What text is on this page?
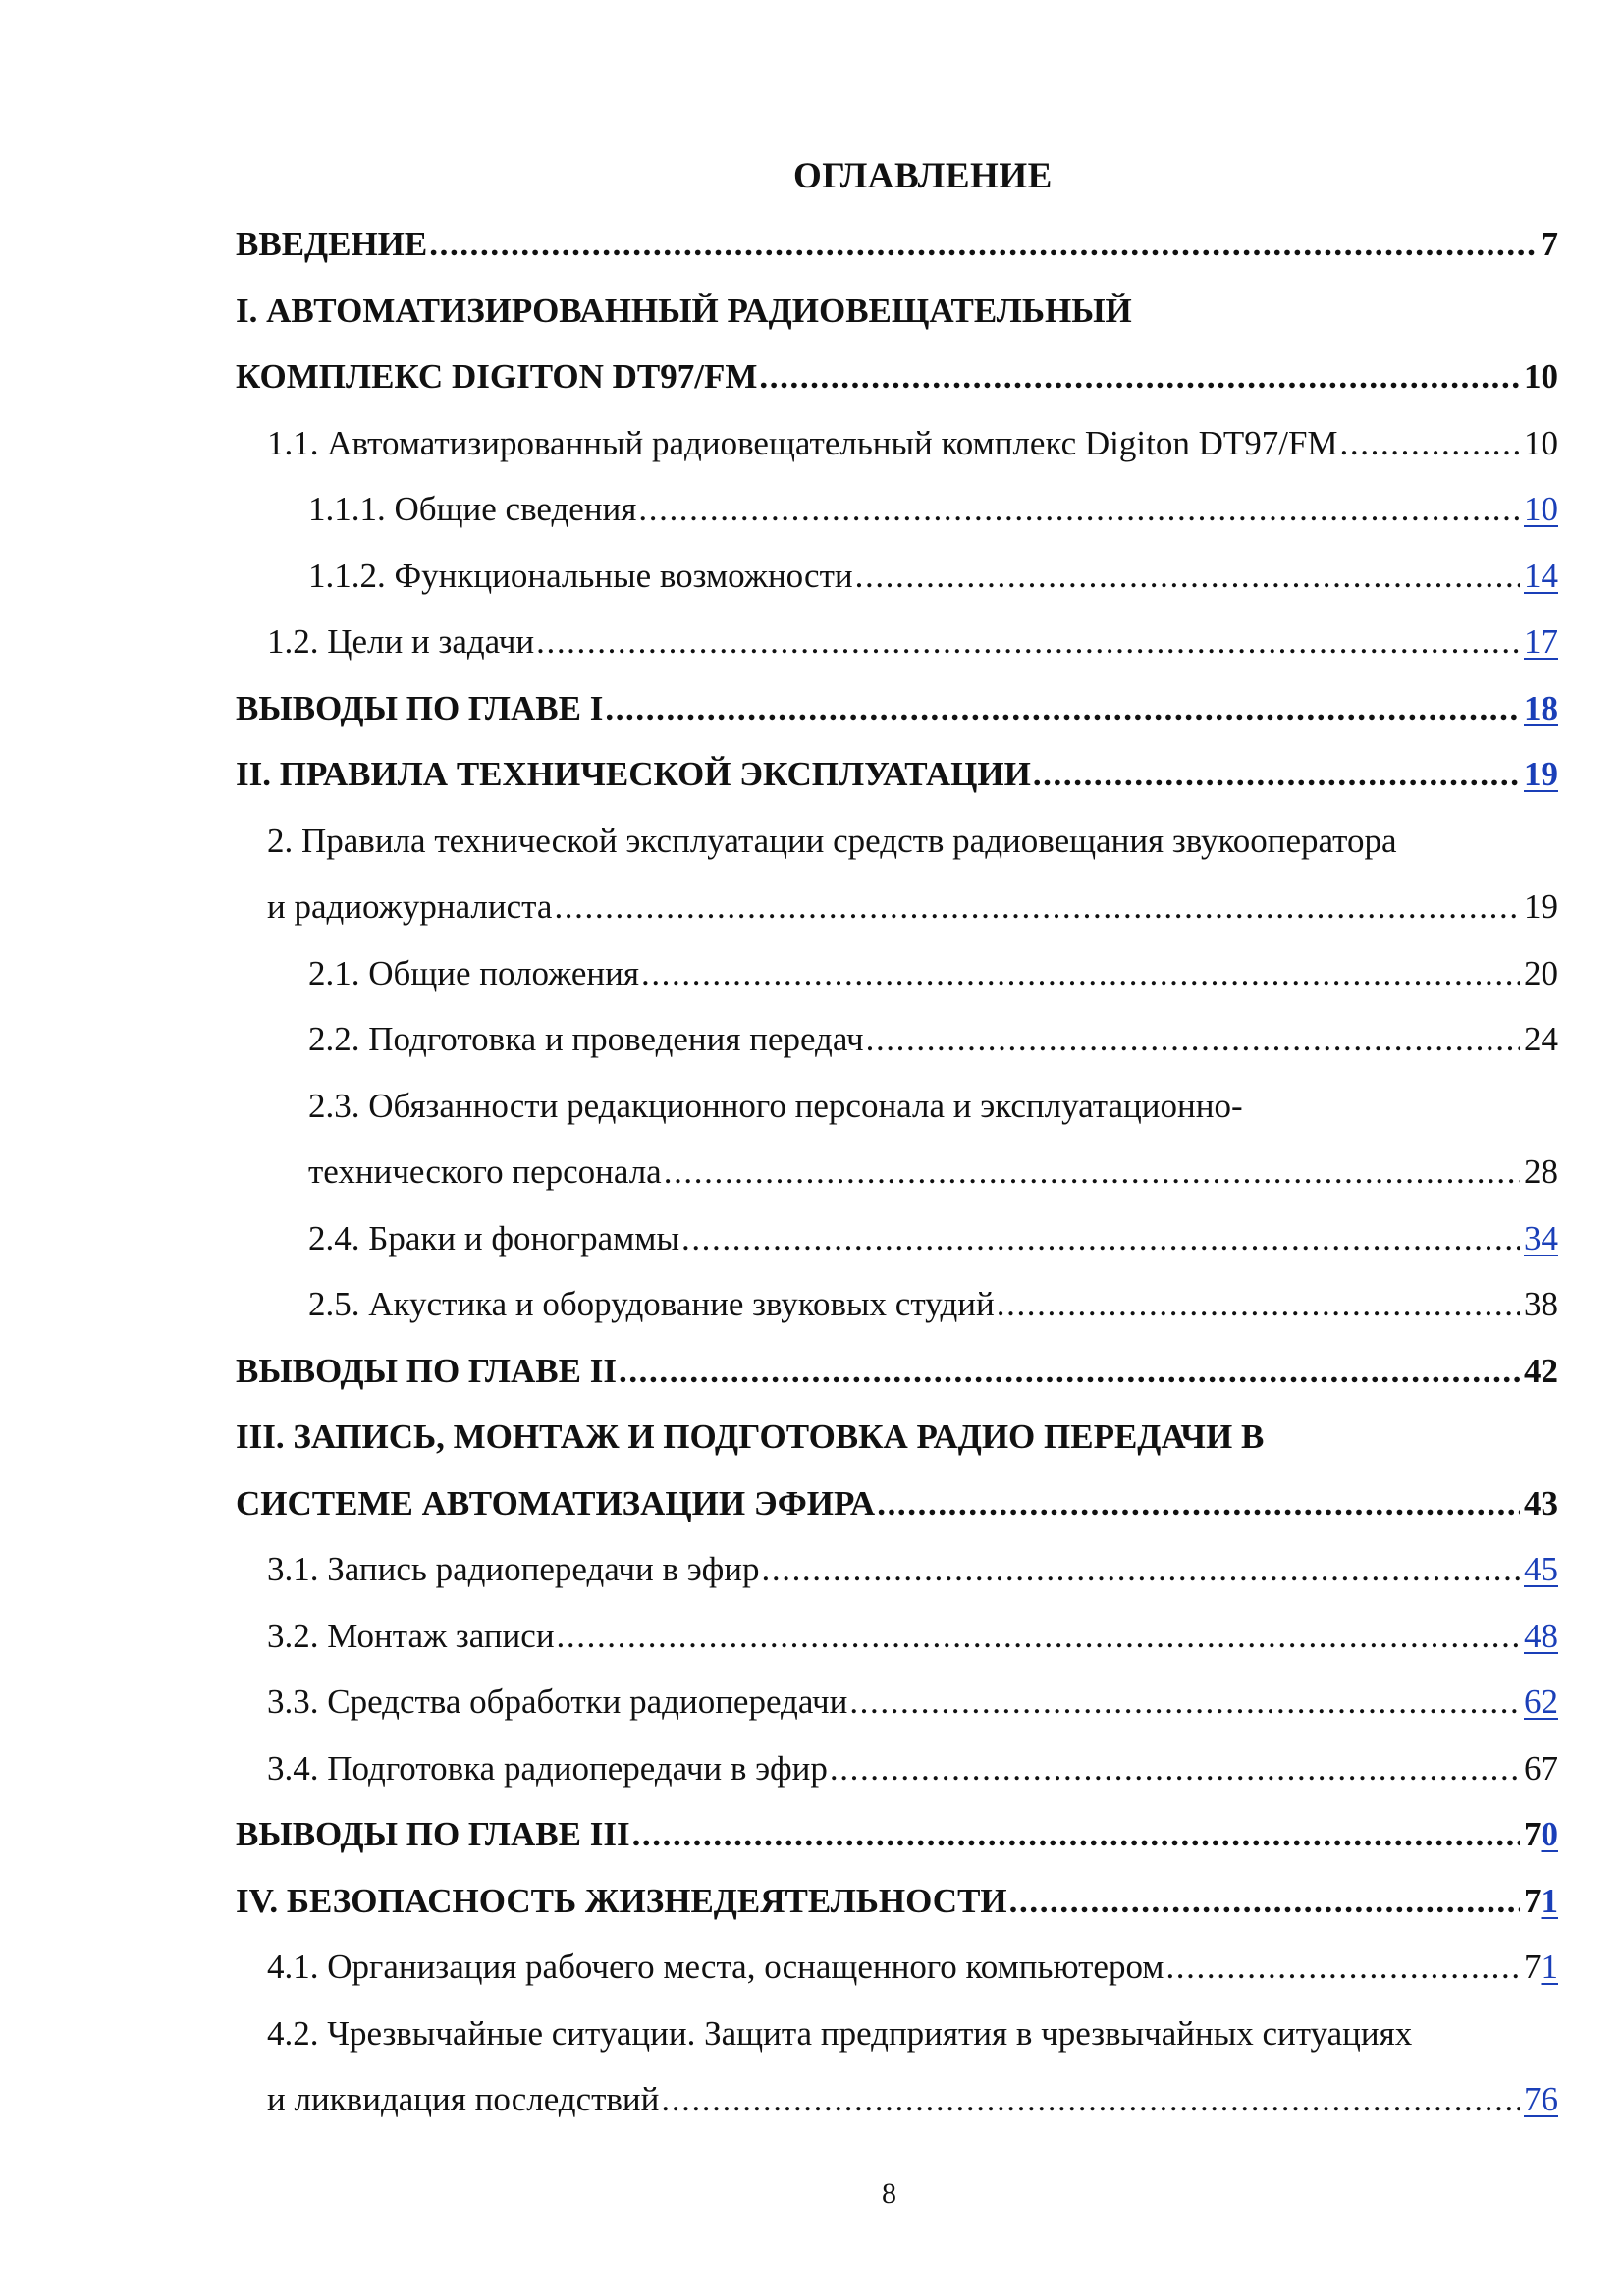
ОГЛАВЛЕНИЕ
ВВЕДЕНИЕ .....	7
I. АВТОМАТИЗИРОВАННЫЙ РАДИОВЕЩАТЕЛЬНЫЙ
КОМПЛЕКС DIGITON DT97/FM .....	10
1.1. Автоматизированный радиовещательный комплекс Digiton DT97/FM .....	10
1.1.1. Общие сведения .....	10
1.1.2. Функциональные возможности .....	14
1.2. Цели и задачи .....	17
ВЫВОДЫ ПО ГЛАВЕ I .....	18
II. ПРАВИЛА ТЕХНИЧЕСКОЙ ЭКСПЛУАТАЦИИ .....	19
2. Правила технической эксплуатации средств радиовещания звукооператора
и радиожурналиста .....	19
2.1. Общие положения .....	20
2.2. Подготовка и проведения передач .....	24
2.3. Обязанности редакционного персонала и эксплуатационно-
технического персонала .....	28
2.4. Браки и фонограммы .....	34
2.5. Акустика и оборудование звуковых студий .....	38
ВЫВОДЫ ПО ГЛАВЕ II .....	42
III. ЗАПИСЬ, МОНТАЖ И ПОДГОТОВКА РАДИО ПЕРЕДАЧИ В
СИСТЕМЕ АВТОМАТИЗАЦИИ ЭФИРА .....	43
3.1. Запись радиопередачи в эфир .....	45
3.2. Монтаж записи .....	48
3.3. Средства обработки радиопередачи .....	62
3.4. Подготовка радиопередачи в эфир .....	67
ВЫВОДЫ ПО ГЛАВЕ III .....	70
IV. БЕЗОПАСНОСТЬ ЖИЗНЕДЕЯТЕЛЬНОСТИ .....	71
4.1. Организация рабочего места, оснащенного компьютером .....	71
4.2. Чрезвычайные ситуации. Защита предприятия в чрезвычайных ситуациях
и ликвидация последствий .....	76
8
